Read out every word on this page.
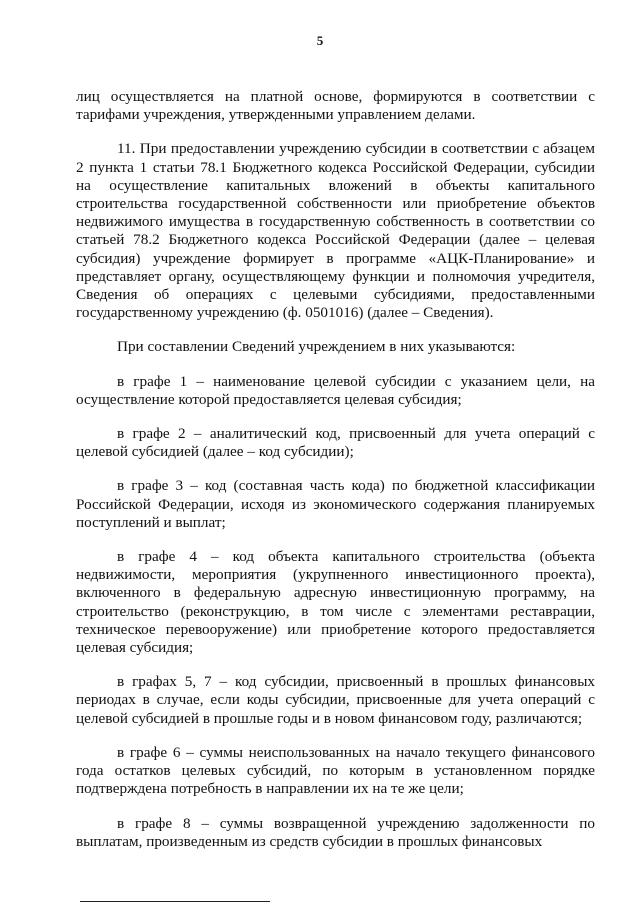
5

лиц осуществляется на платной основе, формируются в соответствии с тарифами учреждения, утвержденными управлением делами.

11. При предоставлении учреждению субсидии в соответствии с абзацем 2 пункта 1 статьи 78.1 Бюджетного кодекса Российской Федерации, субсидии на осуществление капитальных вложений в объекты капитального строительства государственной собственности или приобретение объектов недвижимого имущества в государственную собственность в соответствии со статьей 78.2 Бюджетного кодекса Российской Федерации (далее – целевая субсидия) учреждение формирует в программе «АЦК-Планирование» и представляет органу, осуществляющему функции и полномочия учредителя, Сведения об операциях с целевыми субсидиями, предоставленными государственному учреждению (ф. 0501016) (далее – Сведения).

При составлении Сведений учреждением в них указываются:

в графе 1 – наименование целевой субсидии с указанием цели, на осуществление которой предоставляется целевая субсидия;

в графе 2 – аналитический код, присвоенный для учета операций с целевой субсидией (далее – код субсидии);

в графе 3 – код (составная часть кода) по бюджетной классификации Российской Федерации, исходя из экономического содержания планируемых поступлений и выплат;

в графе 4 – код объекта капитального строительства (объекта недвижимости, мероприятия (укрупненного инвестиционного проекта), включенного в федеральную адресную инвестиционную программу, на строительство (реконструкцию, в том числе с элементами реставрации, техническое перевооружение) или приобретение которого предоставляется целевая субсидия;

в графах 5, 7 – код субсидии, присвоенный в прошлых финансовых периодах в случае, если коды субсидии, присвоенные для учета операций с целевой субсидией в прошлые годы и в новом финансовом году, различаются;

в графе 6 – суммы неиспользованных на начало текущего финансового года остатков целевых субсидий, по которым в установленном порядке подтверждена потребность в направлении их на те же цели;

в графе 8 – суммы возвращенной учреждению задолженности по выплатам, произведенным из средств субсидии в прошлых финансовых
